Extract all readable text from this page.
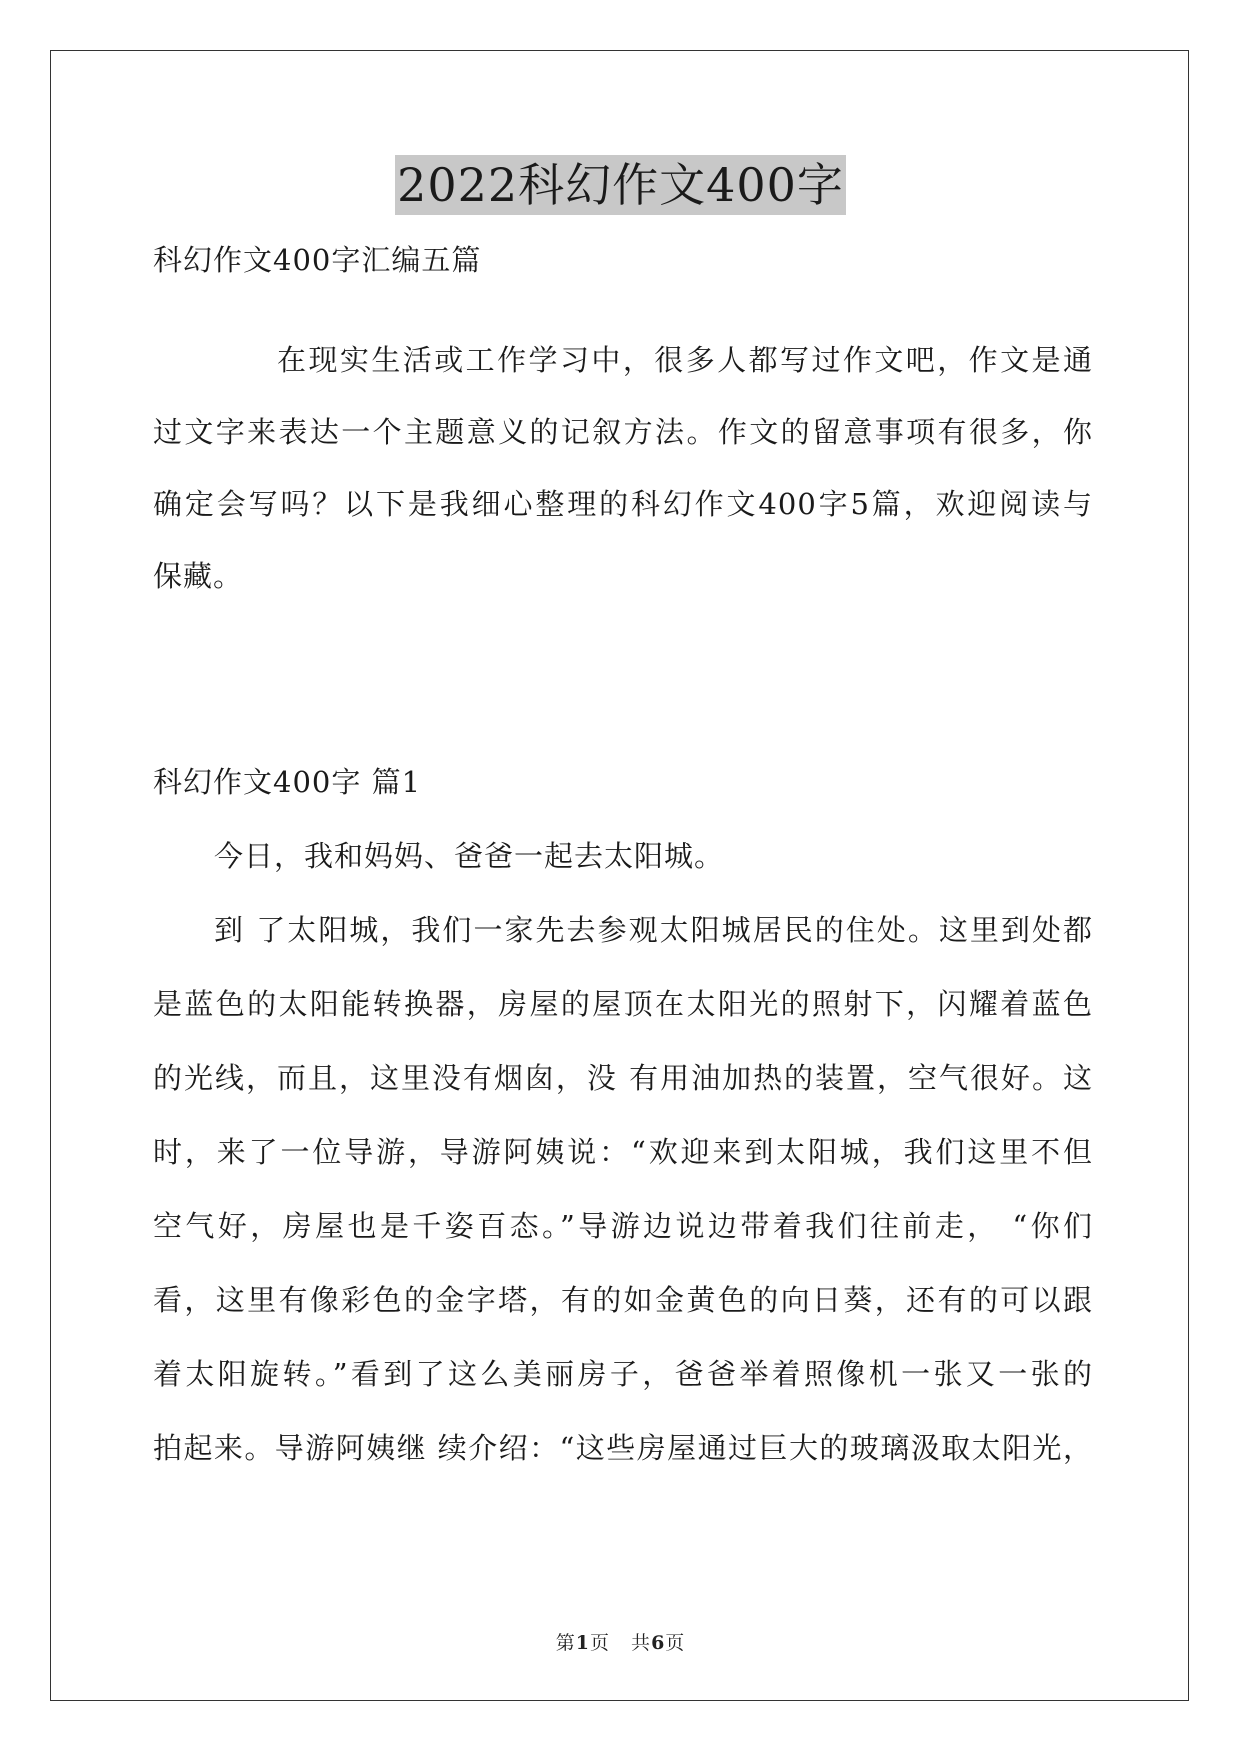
2022科幻作文400字
科幻作文400字汇编五篇
在现实生活或工作学习中，很多人都写过作文吧，作文是通
过文字来表达一个主题意义的记叙方法。作文的留意事项有很多，你
确定会写吗？以下是我细心整理的科幻作文400字5篇，欢迎阅读与
保藏。
科幻作文400字 篇1
今日，我和妈妈、爸爸一起去太阳城。
到 了太阳城，我们一家先去参观太阳城居民的住处。这里到处都
是蓝色的太阳能转换器，房屋的屋顶在太阳光的照射下，闪耀着蓝色
的光线，而且，这里没有烟囱，没 有用油加热的装置，空气很好。这
时，来了一位导游，导游阿姨说：“欢迎来到太阳城，我们这里不但
空气好，房屋也是千姿百态。”导游边说边带着我们往前走， “你们
看，这里有像彩色的金字塔，有的如金黄色的向日葵，还有的可以跟
着太阳旋转。”看到了这么美丽房子，爸爸举着照像机一张又一张的
拍起来。导游阿姨继 续介绍：“这些房屋通过巨大的玻璃汲取太阳光，
第1页   共6页
